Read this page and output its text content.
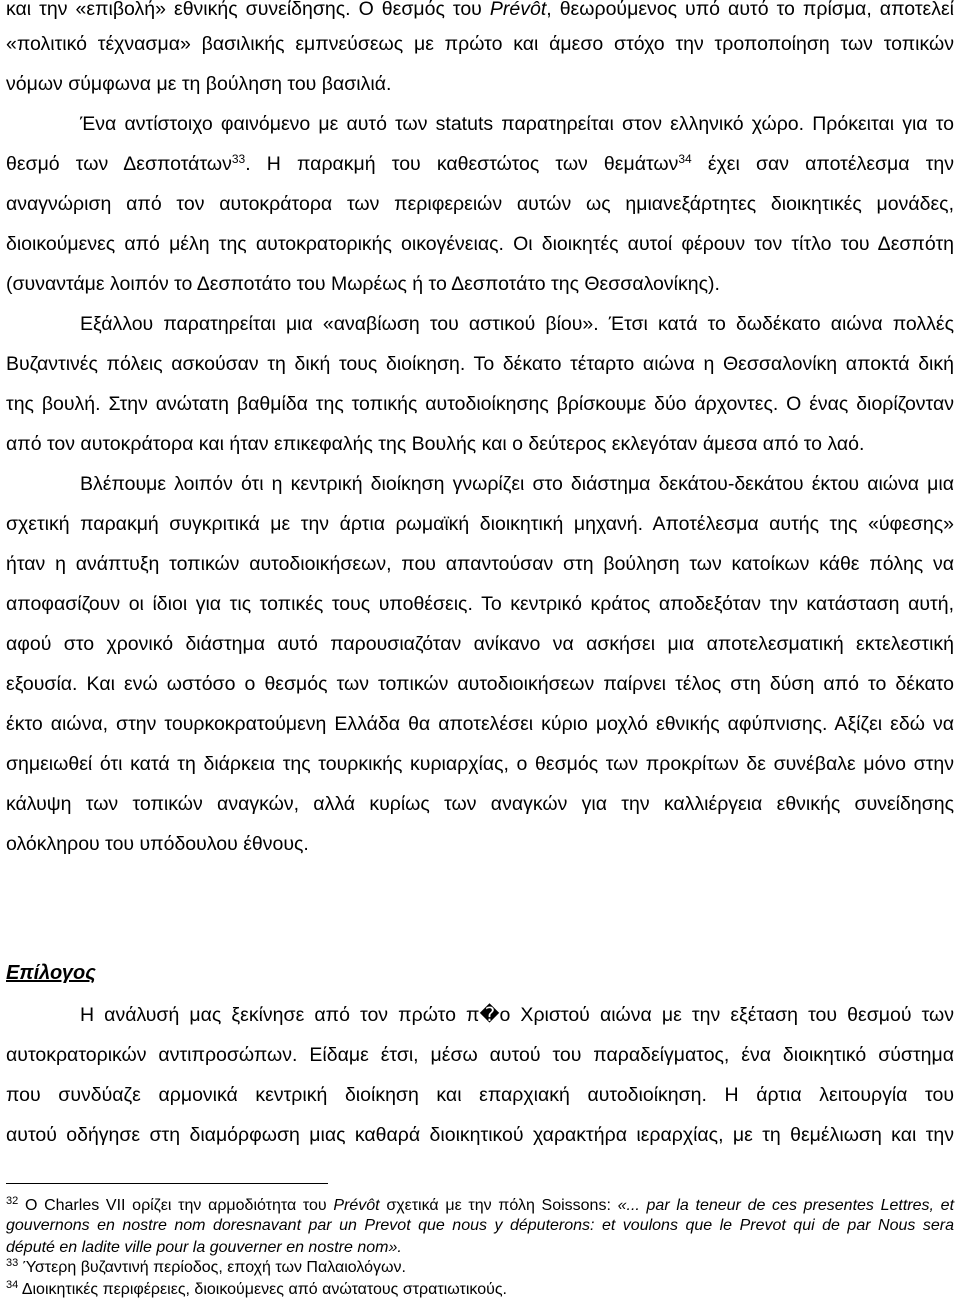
και την «επιβολή» εθνικής συνείδησης. Ο θεσμός του Prévôt, θεωρούμενος υπό αυτό το πρίσμα, αποτελεί
«πολιτικό τέχνασμα» βασιλικής εμπνεύσεως με πρώτο και άμεσο στόχο την τροποποίηση των τοπικών
νόμων σύμφωνα με τη βούληση του βασιλιά.
Ένα αντίστοιχο φαινόμενο με αυτό των statuts παρατηρείται στον ελληνικό χώρο. Πρόκειται για το
θεσμό των Δεσποτάτων$^{33}$. Η παρακμή του καθεστώτος των θεμάτων$^{34}$ έχει σαν αποτέλεσμα την
αναγνώριση από τον αυτοκράτορα των περιφερειών αυτών ως ημιανεξάρτητες διοικητικές μονάδες,
διοικούμενες από μέλη της αυτοκρατορικής οικογένειας. Οι διοικητές αυτοί φέρουν τον τίτλο του Δεσπότη
(συναντάμε λοιπόν το Δεσποτάτο του Μωρέως ή το Δεσποτάτο της Θεσσαλονίκης).
Εξάλλου παρατηρείται μια «αναβίωση του αστικού βίου». Έτσι κατά το δωδέκατο αιώνα πολλές
Βυζαντινές πόλεις ασκούσαν τη δική τους διοίκηση. Το δέκατο τέταρτο αιώνα η Θεσσαλονίκη αποκτά δική
της βουλή. Στην ανώτατη βαθμίδα της τοπικής αυτοδιοίκησης βρίσκουμε δύο άρχοντες. Ο ένας διορίζονταν
από τον αυτοκράτορα και ήταν επικεφαλής της Βουλής και ο δεύτερος εκλεγόταν άμεσα από το λαό.
Βλέπουμε λοιπόν ότι η κεντρική διοίκηση γνωρίζει στο διάστημα δεκάτου-δεκάτου έκτου αιώνα μια
σχετική παρακμή συγκριτικά με την άρτια ρωμαϊκή διοικητική μηχανή. Αποτέλεσμα αυτής της «ύφεσης»
ήταν η ανάπτυξη τοπικών αυτοδιοικήσεων, που απαντούσαν στη βούληση των κατοίκων κάθε πόλης να
αποφασίζουν οι ίδιοι για τις τοπικές τους υποθέσεις. Το κεντρικό κράτος αποδεξόταν την κατάσταση αυτή,
αφού στο χρονικό διάστημα αυτό παρουσιαζόταν ανίκανο να ασκήσει μια αποτελεσματική εκτελεστική
εξουσία. Και ενώ ωστόσο ο θεσμός των τοπικών αυτοδιοικήσεων παίρνει τέλος στη δύση από το δέκατο
έκτο αιώνα, στην τουρκοκρατούμενη Ελλάδα θα αποτελέσει κύριο μοχλό εθνικής αφύπνισης. Αξίζει εδώ να
σημειωθεί ότι κατά τη διάρκεια της τουρκικής κυριαρχίας, ο θεσμός των προκρίτων δε συνέβαλε μόνο στην
κάλυψη των τοπικών αναγκών, αλλά κυρίως των αναγκών για την καλλιέργεια εθνικής συνείδησης
ολόκληρου του υπόδουλου έθνους.
Επίλογος
Η ανάλυσή μας ξεκίνησε από τον πρώτο π�ο Χριστού αιώνα με την εξέταση του θεσμού των
αυτοκρατορικών αντιπροσώπων. Είδαμε έτσι, μέσω αυτού του παραδείγματος, ένα διοικητικό σύστημα
που συνδύαζε αρμονικά κεντρική διοίκηση και επαρχιακή αυτοδιοίκηση. Η άρτια λειτουργία του
αυτού οδήγησε στη διαμόρφωση μιας καθαρά διοικητικού χαρακτήρα ιεραρχίας, με τη θεμέλιωση και την
$^{32}$ Ο Charles VII ορίζει την αρμοδιότητα του Prévôt σχετικά με την πόλη Soissons: «... par la teneur de ces presentes Lettres, et
gouvernons en nostre nom doresnavant par un Prevot que nous y députerons: et voulons que le Prevot qui de par Nous sera
député en ladite ville pour la gouverner en nostre nom».
$^{33}$ Ύστερη βυζαντινή περίοδος, εποχή των Παλαιολόγων.
$^{34}$ Διοικητικές περιφέρειες, διοικούμενες από ανώτατους στρατιωτικούς.
